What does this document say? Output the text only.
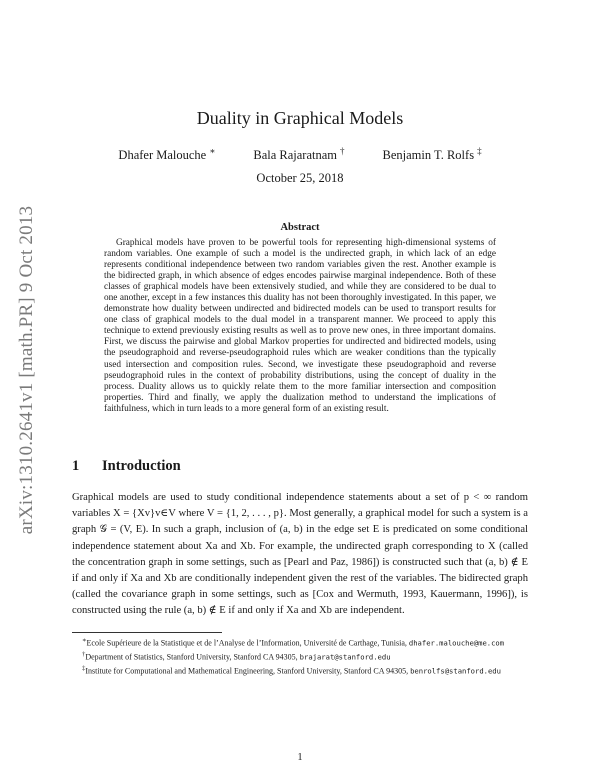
arXiv:1310.2641v1 [math.PR] 9 Oct 2013
Duality in Graphical Models
Dhafer Malouche ∗	Bala Rajaratnam †	Benjamin T. Rolfs ‡
October 25, 2018
Abstract

Graphical models have proven to be powerful tools for representing high-dimensional systems of random variables. One example of such a model is the undirected graph, in which lack of an edge represents conditional independence between two random variables given the rest. Another example is the bidirected graph, in which absence of edges encodes pairwise marginal independence. Both of these classes of graphical models have been extensively studied, and while they are considered to be dual to one another, except in a few instances this duality has not been thoroughly investigated. In this paper, we demonstrate how duality between undirected and bidirected models can be used to transport results for one class of graphical models to the dual model in a transparent manner. We proceed to apply this technique to extend previously existing results as well as to prove new ones, in three important domains. First, we discuss the pairwise and global Markov properties for undirected and bidirected models, using the pseudographoid and reverse-pseudographoid rules which are weaker conditions than the typically used intersection and composition rules. Second, we investigate these pseudographoid and reverse pseudographoid rules in the context of probability distributions, using the concept of duality in the process. Duality allows us to quickly relate them to the more familiar intersection and composition properties. Third and finally, we apply the dualization method to understand the implications of faithfulness, which in turn leads to a more general form of an existing result.

1 Introduction

Graphical models are used to study conditional independence statements about a set of p < ∞ random variables X = {Xv}v∈V where V = {1, 2, . . . , p}. Most generally, a graphical model for such a system is a graph 𝒢 = (V, E). In such a graph, inclusion of (a, b) in the edge set E is predicated on some conditional independence statement about Xa and Xb. For example, the undirected graph corresponding to X (called the concentration graph in some settings, such as [Pearl and Paz, 1986]) is constructed such that (a, b) ∉ E if and only if Xa and Xb are conditionally independent given the rest of the variables. The bidirected graph (called the covariance graph in some settings, such as [Cox and Wermuth, 1993, Kauermann, 1996]), is constructed using the rule (a, b) ∉ E if and only if Xa and Xb are independent.

∗Ecole Supérieure de la Statistique et de l’Analyse de l’Information, Université de Carthage, Tunisia, dhafer.malouche@me.com

†Department of Statistics, Stanford University, Stanford CA 94305, brajarat@stanford.edu

‡Institute for Computational and Mathematical Engineering, Stanford University, Stanford CA 94305, benrolfs@stanford.edu

1
